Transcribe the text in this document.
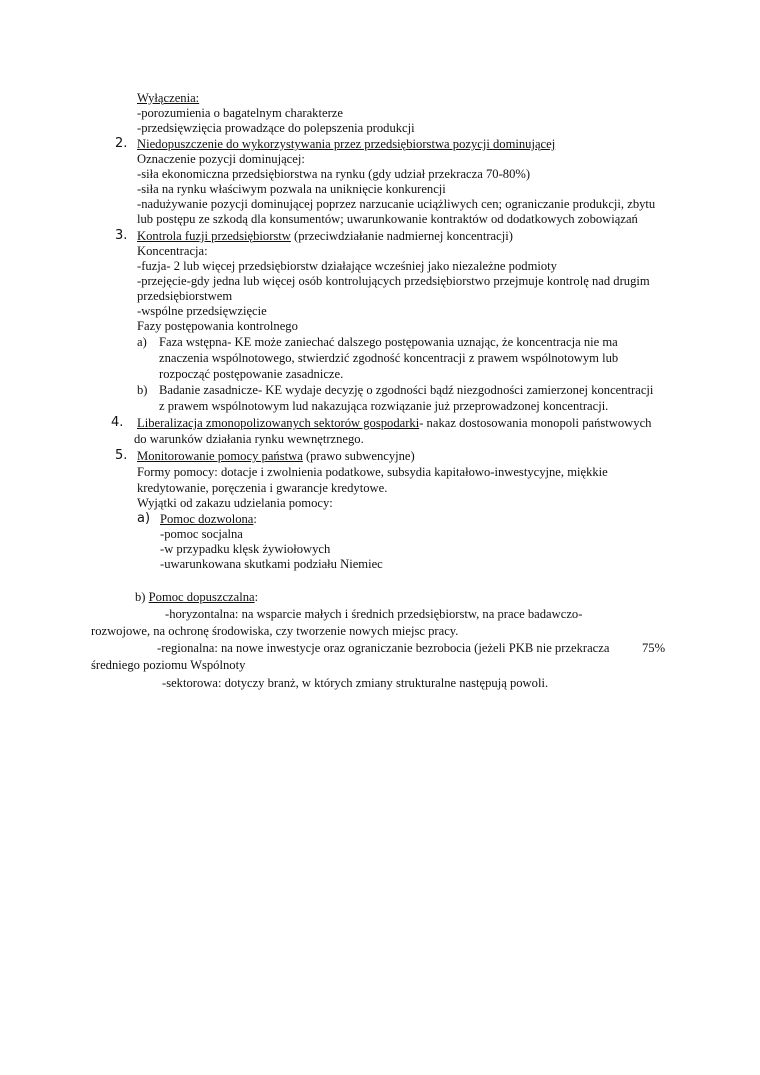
Wyłączenia:
-porozumienia o bagatelnym charakterze
-przedsięwzięcia prowadzące do polepszenia produkcji
2. Niedopuszczenie do wykorzystywania przez przedsiębiorstwa pozycji dominującej
Oznaczenie pozycji dominującej:
-siła ekonomiczna przedsiębiorstwa na rynku (gdy udział przekracza 70-80%)
-siła na rynku właściwym pozwala na uniknięcie konkurencji
-nadużywanie pozycji dominującej poprzez narzucanie uciążliwych cen; ograniczanie produkcji, zbytu
lub postępu ze szkodą dla konsumentów; uwarunkowanie kontraktów od dodatkowych zobowiązań
3. Kontrola fuzji przedsiębiorstw (przeciwdziałanie nadmiernej koncentracji)
Koncentracja:
-fuzja- 2 lub więcej przedsiębiorstw działające wcześniej jako niezależne podmioty
-przejęcie-gdy jedna lub więcej osób kontrolujących przedsiębiorstwo przejmuje kontrolę nad drugim
przedsiębiorstwem
-wspólne przedsięwzięcie
Fazy postępowania kontrolnego
a) Faza wstępna- KE może zaniechać dalszego postępowania uznając, że koncentracja nie ma
znaczenia wspólnotowego, stwierdzić zgodność koncentracji z prawem wspólnotowym lub
rozpocząć postępowanie zasadnicze.
b) Badanie zasadnicze- KE wydaje decyzję o zgodności bądź niezgodności zamierzonej koncentracji
z prawem wspólnotowym lud nakazująca rozwiązanie już przeprowadzonej koncentracji.
4. Liberalizacja zmonopolizowanych sektorów gospodarki- nakaz dostosowania monopoli państwowych
do warunków działania rynku wewnętrznego.
5. Monitorowanie pomocy państwa (prawo subwencyjne)
Formy pomocy: dotacje i zwolnienia podatkowe, subsydia kapitałowo-inwestycyjne, miękkie
kredytowanie, poręczenia i gwarancje kredytowe.
Wyjątki od zakazu udzielania pomocy:
a) Pomoc dozwolona:
-pomoc socjalna
-w przypadku klęsk żywiołowych
-uwarunkowana skutkami podziału Niemiec
b) Pomoc dopuszczalna:
-horyzontalna: na wsparcie małych i średnich przedsiębiorstw, na prace badawczo-
rozwojowe, na ochronę środowiska, czy tworzenie nowych miejsc pracy.
-regionalna: na nowe inwestycje oraz ograniczanie bezrobocia (jeżeli PKB nie przekracza	75%
średniego poziomu Wspólnoty
-sektorowa: dotyczy branż, w których zmiany strukturalne następują powoli.
